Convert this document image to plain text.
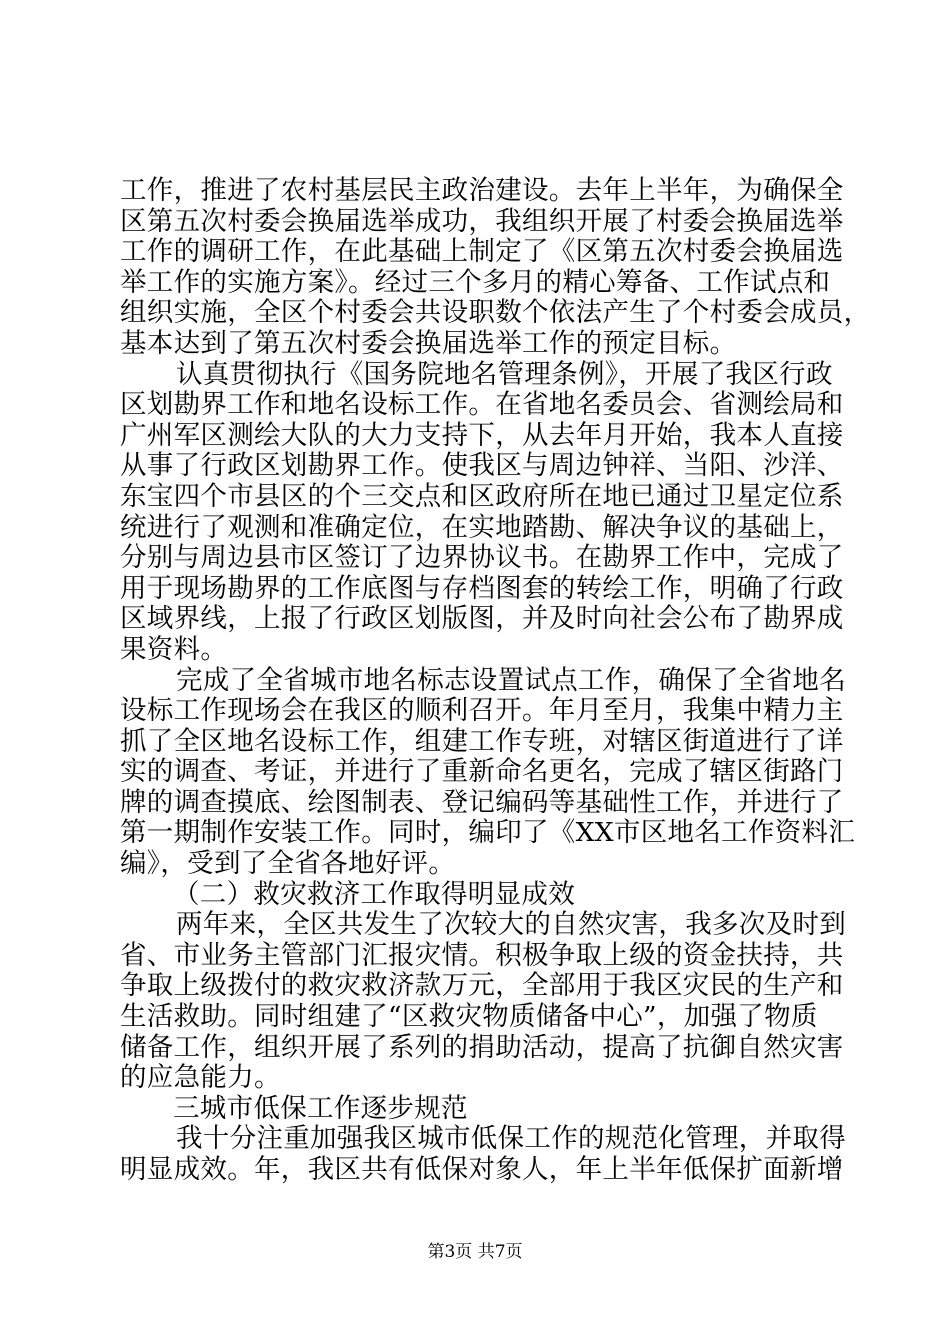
工作，推进了农村基层民主政治建设。去年上半年，为确保全
区第五次村委会换届选举成功，我组织开展了村委会换届选举
工作的调研工作，在此基础上制定了《区第五次村委会换届选
举工作的实施方案》。经过三个多月的精心筹备、工作试点和
组织实施，全区个村委会共设职数个依法产生了个村委会成员，
基本达到了第五次村委会换届选举工作的预定目标。
认真贯彻执行《国务院地名管理条例》，开展了我区行政
区划勘界工作和地名设标工作。在省地名委员会、省测绘局和
广州军区测绘大队的大力支持下，从去年月开始，我本人直接
从事了行政区划勘界工作。使我区与周边钟祥、当阳、沙洋、
东宝四个市县区的个三交点和区政府所在地已通过卫星定位系
统进行了观测和准确定位，在实地踏勘、解决争议的基础上，
分别与周边县市区签订了边界协议书。在勘界工作中，完成了
用于现场勘界的工作底图与存档图套的转绘工作，明确了行政
区域界线，上报了行政区划版图，并及时向社会公布了勘界成
果资料。
完成了全省城市地名标志设置试点工作，确保了全省地名
设标工作现场会在我区的顺利召开。年月至月，我集中精力主
抓了全区地名设标工作，组建工作专班，对辖区街道进行了详
实的调查、考证，并进行了重新命名更名，完成了辖区街路门
牌的调查摸底、绘图制表、登记编码等基础性工作，并进行了
第一期制作安装工作。同时，编印了《XX市区地名工作资料汇
编》，受到了全省各地好评。
（二）救灾救济工作取得明显成效
两年来，全区共发生了次较大的自然灾害，我多次及时到
省、市业务主管部门汇报灾情。积极争取上级的资金扶持，共
争取上级拨付的救灾救济款万元，全部用于我区灾民的生产和
生活救助。同时组建了“区救灾物质储备中心”，加强了物质
储备工作，组织开展了系列的捐助活动，提高了抗御自然灾害
的应急能力。
三城市低保工作逐步规范
我十分注重加强我区城市低保工作的规范化管理，并取得
明显成效。年，我区共有低保对象人，年上半年低保扩面新增
第3页 共7页
